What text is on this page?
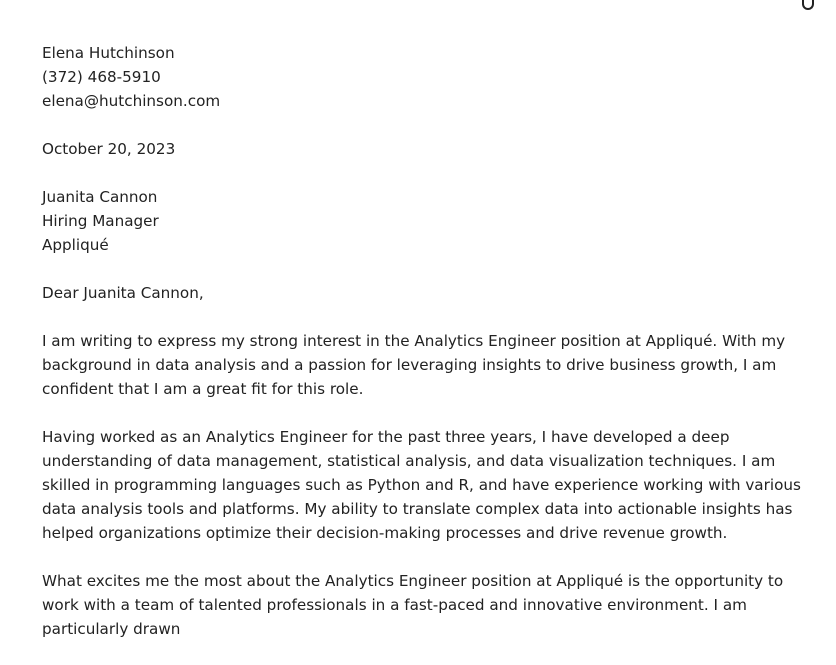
Elena Hutchinson
(372) 468-5910
elena@hutchinson.com
October 20, 2023
Juanita Cannon
Hiring Manager
Appliqué
Dear Juanita Cannon,

I am writing to express my strong interest in the Analytics Engineer position at Appliqué. With my background in data analysis and a passion for leveraging insights to drive business growth, I am confident that I am a great fit for this role.

Having worked as an Analytics Engineer for the past three years, I have developed a deep understanding of data management, statistical analysis, and data visualization techniques. I am skilled in programming languages such as Python and R, and have experience working with various data analysis tools and platforms. My ability to translate complex data into actionable insights has helped organizations optimize their decision-making processes and drive revenue growth.

What excites me the most about the Analytics Engineer position at Appliqué is the opportunity to work with a team of talented professionals in a fast-paced and innovative environment. I am particularly drawn
